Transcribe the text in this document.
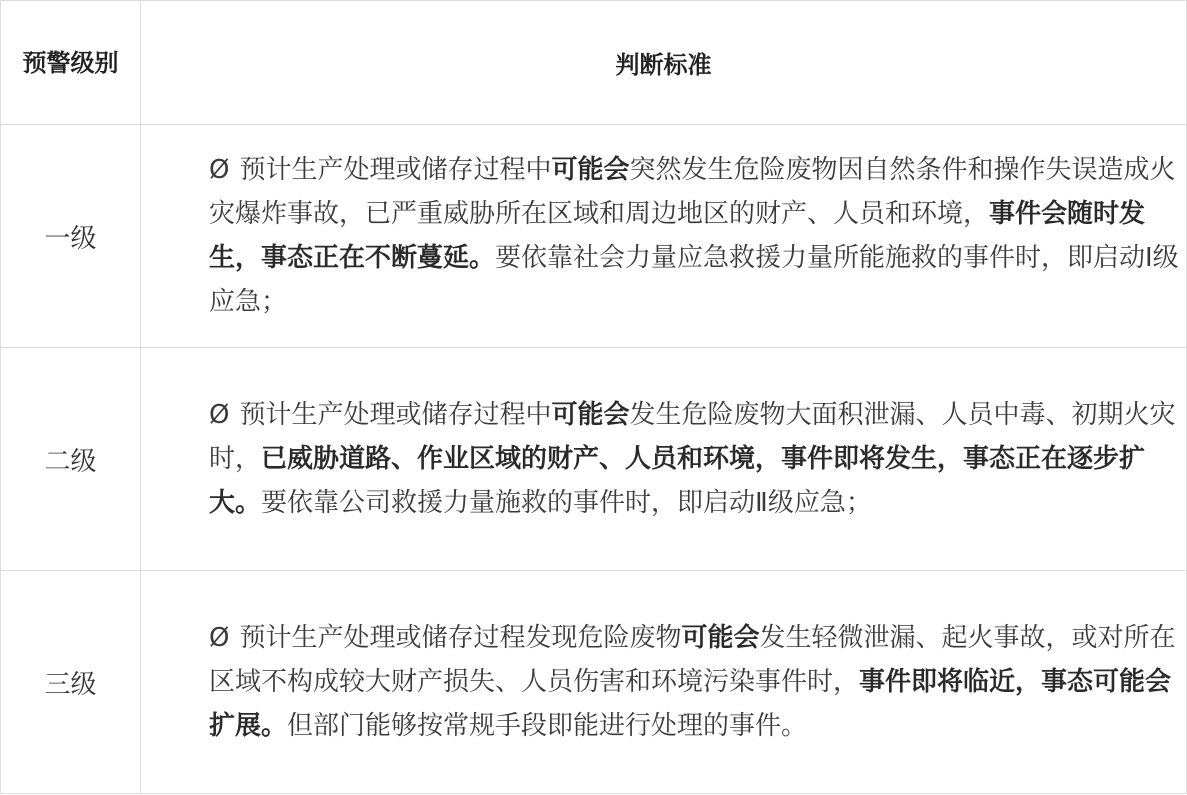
预警级别	判断标准
一级	Ø 预计生产处理或储存过程中可能会突然发生危险废物因自然条件和操作失误造成火灾爆炸事故，已严重威胁所在区域和周边地区的财产、人员和环境，事件会随时发生，事态正在不断蔓延。要依靠社会力量应急救援力量所能施救的事件时，即启动Ⅰ级应急；
二级	Ø 预计生产处理或储存过程中可能会发生危险废物大面积泄漏、人员中毒、初期火灾时，已威胁道路、作业区域的财产、人员和环境，事件即将发生，事态正在逐步扩大。要依靠公司救援力量施救的事件时，即启动Ⅱ级应急；
三级	Ø 预计生产处理或储存过程发现危险废物可能会发生轻微泄漏、起火事故，或对所在区域不构成较大财产损失、人员伤害和环境污染事件时，事件即将临近，事态可能会扩展。但部门能够按常规手段即能进行处理的事件。
